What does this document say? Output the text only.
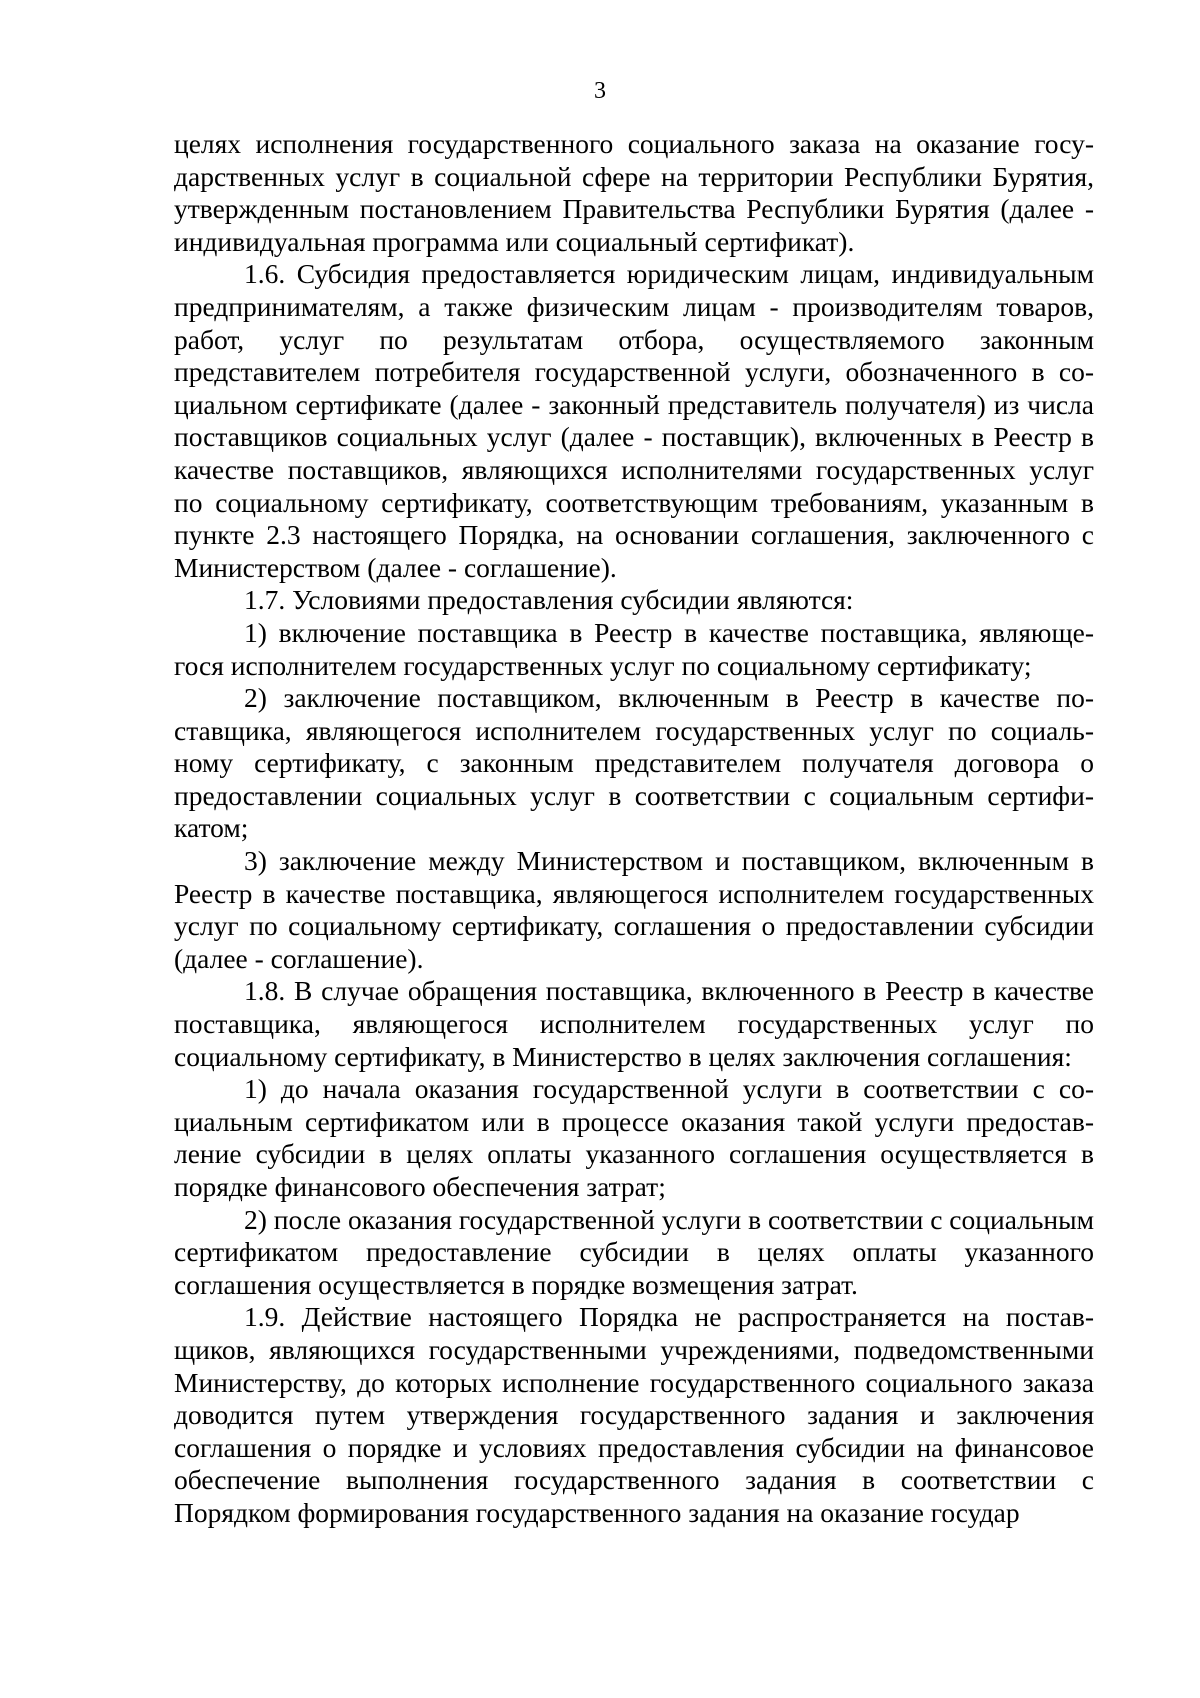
3

целях исполнения государственного социального заказа на оказание государственных услуг в социальной сфере на территории Республики Бурятия, утвержденным постановлением Правительства Республики Бурятия (далее - индивидуальная программа или социальный сертификат).

1.6. Субсидия предоставляется юридическим лицам, индивидуальным предпринимателям, а также физическим лицам - производителям товаров, работ, услуг по результатам отбора, осуществляемого законным представителем потребителя государственной услуги, обозначенного в социальном сертификате (далее - законный представитель получателя) из числа поставщиков социальных услуг (далее - поставщик), включенных в Реестр в качестве поставщиков, являющихся исполнителями государственных услуг по социальному сертификату, соответствующим требованиям, указанным в пункте 2.3 настоящего Порядка, на основании соглашения, заключенного с Министерством (далее - соглашение).

1.7. Условиями предоставления субсидии являются:

1) включение поставщика в Реестр в качестве поставщика, являющегося исполнителем государственных услуг по социальному сертификату;

2) заключение поставщиком, включенным в Реестр в качестве поставщика, являющегося исполнителем государственных услуг по социальному сертификату, с законным представителем получателя договора о предоставлении социальных услуг в соответствии с социальным сертификатом;

3) заключение между Министерством и поставщиком, включенным в Реестр в качестве поставщика, являющегося исполнителем государственных услуг по социальному сертификату, соглашения о предоставлении субсидии (далее - соглашение).

1.8. В случае обращения поставщика, включенного в Реестр в качестве поставщика, являющегося исполнителем государственных услуг по социальному сертификату, в Министерство в целях заключения соглашения:

1) до начала оказания государственной услуги в соответствии с социальным сертификатом или в процессе оказания такой услуги предоставление субсидии в целях оплаты указанного соглашения осуществляется в порядке финансового обеспечения затрат;

2) после оказания государственной услуги в соответствии с социальным сертификатом предоставление субсидии в целях оплаты указанного соглашения осуществляется в порядке возмещения затрат.

1.9. Действие настоящего Порядка не распространяется на поставщиков, являющихся государственными учреждениями, подведомственными Министерству, до которых исполнение государственного социального заказа доводится путем утверждения государственного задания и заключения соглашения о порядке и условиях предоставления субсидии на финансовое обеспечение выполнения государственного задания в соответствии с Порядком формирования государственного задания на оказание государ
